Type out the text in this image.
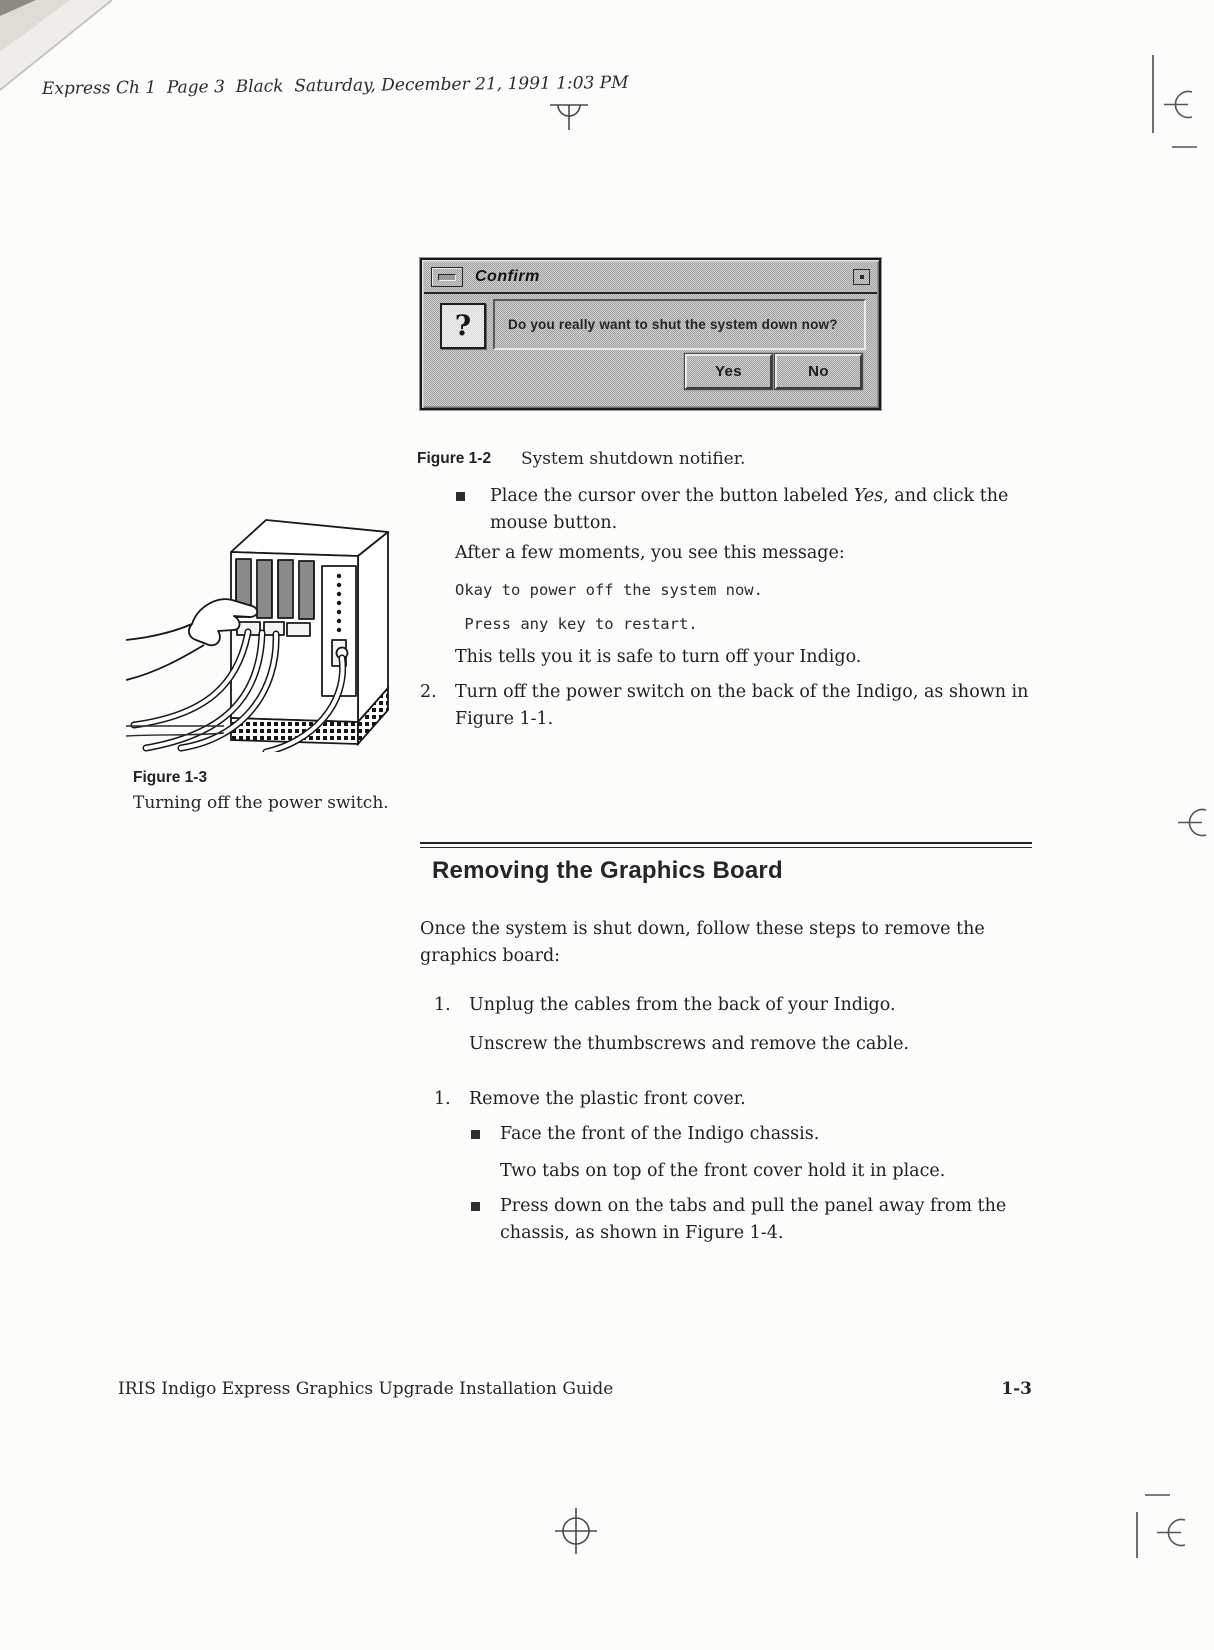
Express Ch 1  Page 3  Black  Saturday, December 21, 1991 1:03 PM
Confirm
?	Do you really want to shut the system down now?
Yes	No
Figure 1-2 System shutdown notifier.
Place the cursor over the button labeled Yes, and click the
mouse button.
After a few moments, you see this message:
Okay to power off the system now.
Press any key to restart.
This tells you it is safe to turn off your Indigo.
2. Turn off the power switch on the back of the Indigo, as shown in
Figure 1-1.
Figure 1-3
Turning off the power switch.
Removing the Graphics Board
Once the system is shut down, follow these steps to remove the
graphics board:
1. Unplug the cables from the back of your Indigo.
Unscrew the thumbscrews and remove the cable.
1. Remove the plastic front cover.
Face the front of the Indigo chassis.
Two tabs on top of the front cover hold it in place.
Press down on the tabs and pull the panel away from the
chassis, as shown in Figure 1-4.
IRIS Indigo Express Graphics Upgrade Installation Guide	1-3
